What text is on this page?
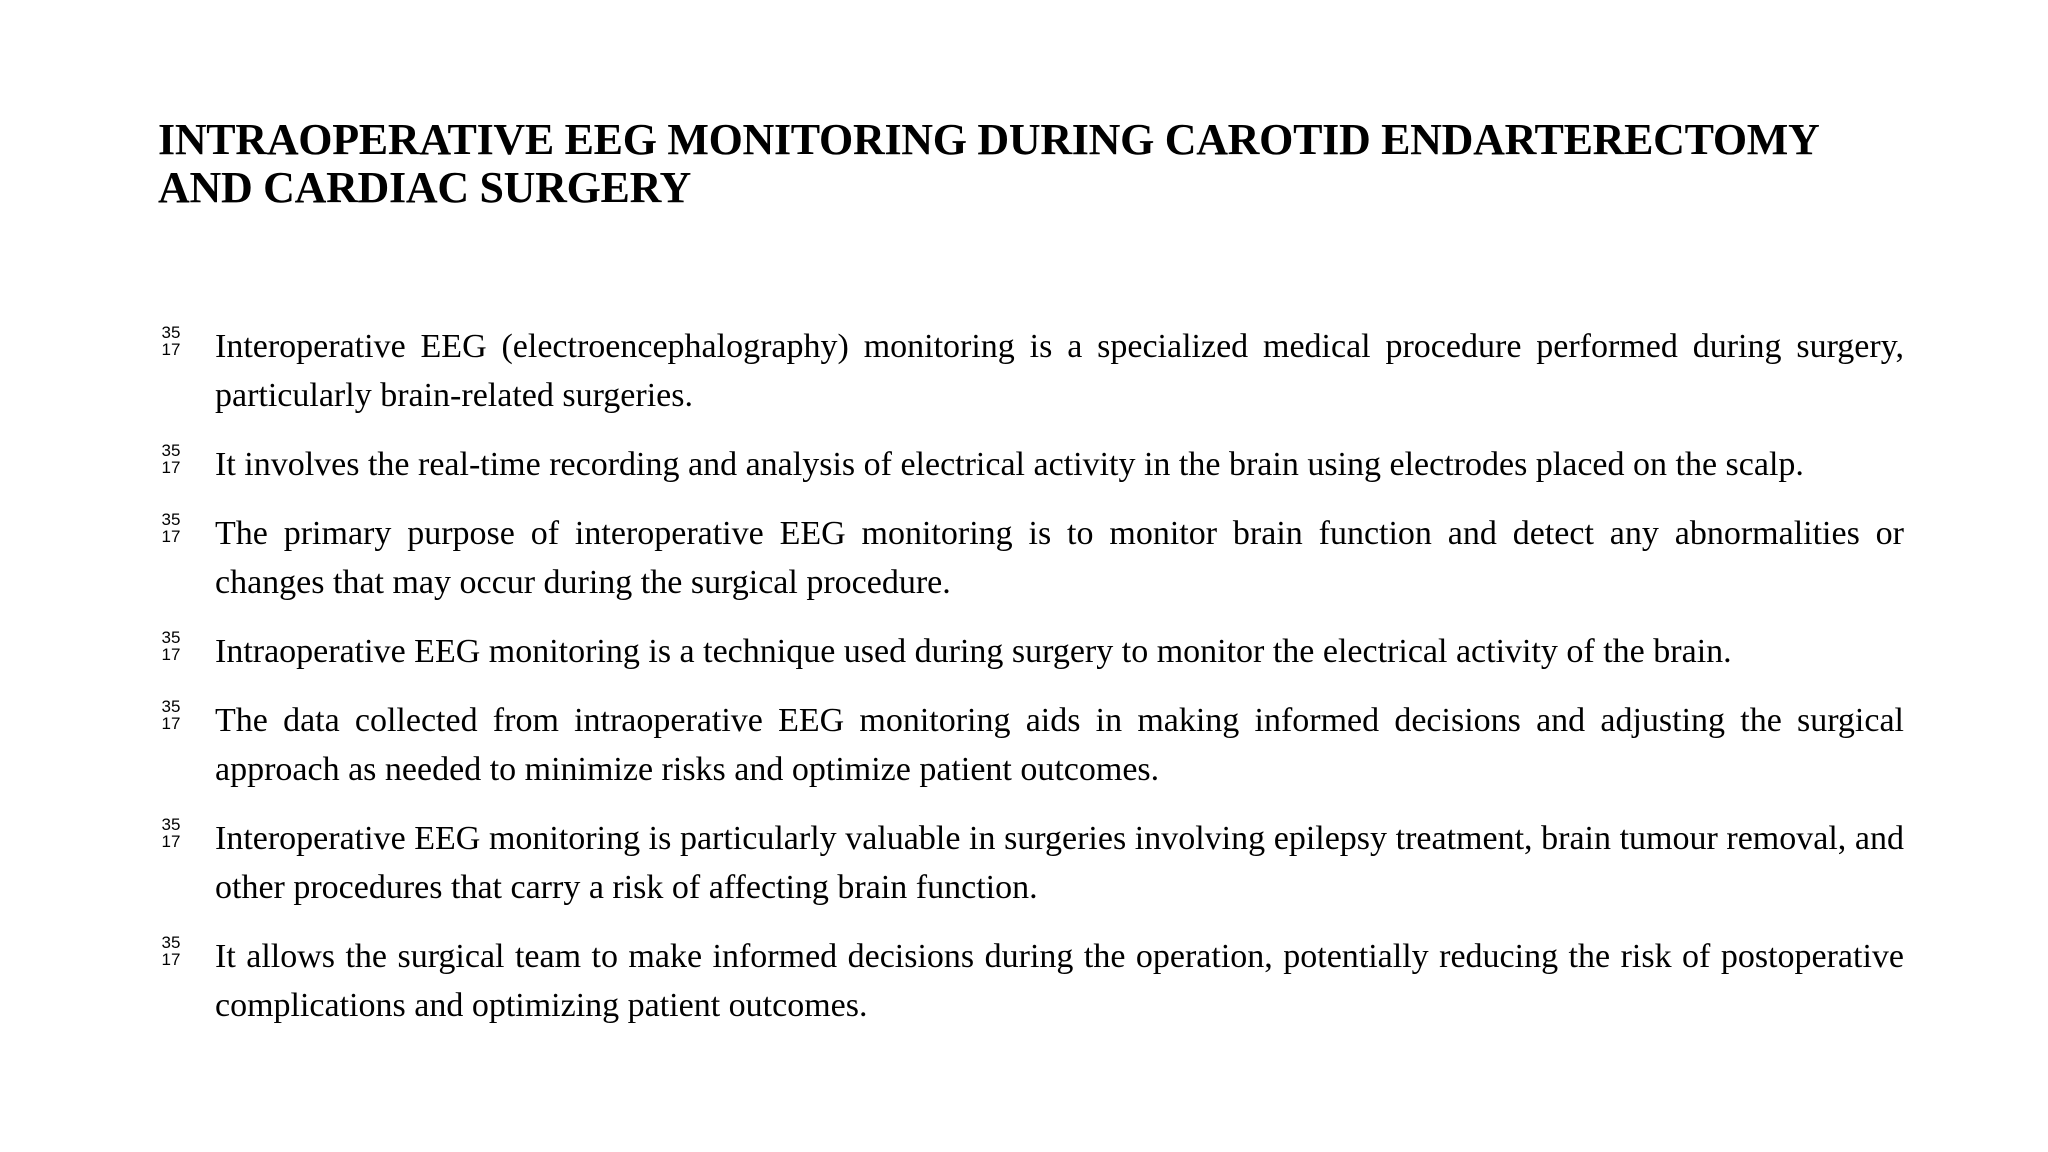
INTRAOPERATIVE EEG MONITORING DURING CAROTID ENDARTERECTOMY AND CARDIAC SURGERY
35
17 Interoperative EEG (electroencephalography) monitoring is a specialized medical procedure performed during surgery, particularly brain-related surgeries.
35
17 It involves the real-time recording and analysis of electrical activity in the brain using electrodes placed on the scalp.
35
17 The primary purpose of interoperative EEG monitoring is to monitor brain function and detect any abnormalities or changes that may occur during the surgical procedure.
35
17 Intraoperative EEG monitoring is a technique used during surgery to monitor the electrical activity of the brain.
35
17 The data collected from intraoperative EEG monitoring aids in making informed decisions and adjusting the surgical approach as needed to minimize risks and optimize patient outcomes.
35
17 Interoperative EEG monitoring is particularly valuable in surgeries involving epilepsy treatment, brain tumour removal, and other procedures that carry a risk of affecting brain function.
35
17 It allows the surgical team to make informed decisions during the operation, potentially reducing the risk of postoperative complications and optimizing patient outcomes.
